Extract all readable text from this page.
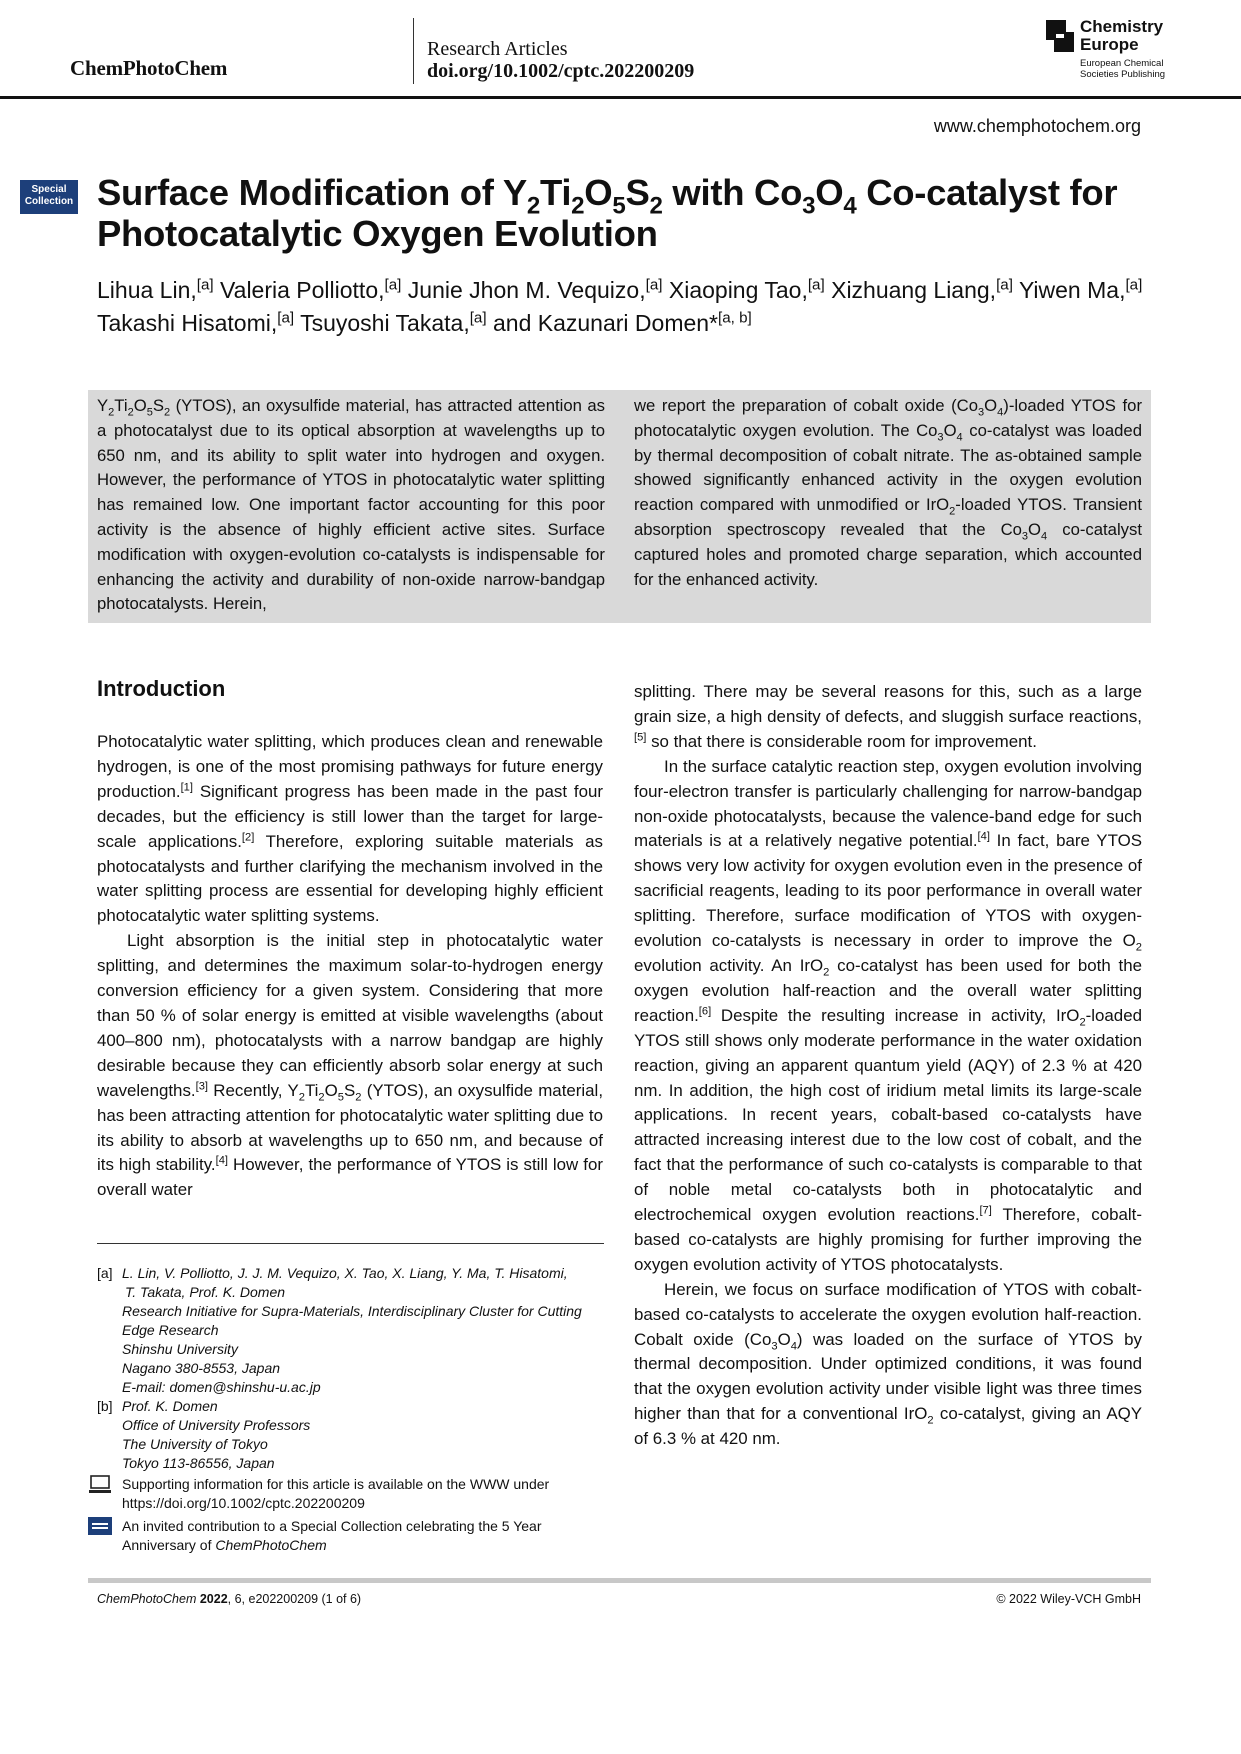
ChemPhotoChem
Research Articles
doi.org/10.1002/cptc.202200209
Chemistry
Europe
European Chemical
Societies Publishing
www.chemphotochem.org
Special
Collection Surface Modification of $Y_2Ti_2O_5S_2$ with $Co_3O_4$ Co-catalyst for Photocatalytic Oxygen Evolution
Lihua Lin,[a] Valeria Polliotto,[a] Junie Jhon M. Vequizo,[a] Xiaoping Tao,[a] Xizhuang Liang,[a] Yiwen Ma,[a] Takashi Hisatomi,[a] Tsuyoshi Takata,[a] and Kazunari Domen*[a, b]
$Y_2Ti_2O_5S_2$ (YTOS), an oxysulfide material, has attracted attention as a photocatalyst due to its optical absorption at wavelengths up to 650 nm, and its ability to split water into hydrogen and oxygen. However, the performance of YTOS in photocatalytic water splitting has remained low. One important factor accounting for this poor activity is the absence of highly efficient active sites. Surface modification with oxygen-evolution co-catalysts is indispensable for enhancing the activity and durability of non-oxide narrow-bandgap photocatalysts. Herein,
we report the preparation of cobalt oxide $(Co_3O_4)$-loaded YTOS for photocatalytic oxygen evolution. The $Co_3O_4$ co-catalyst was loaded by thermal decomposition of cobalt nitrate. The as-obtained sample showed significantly enhanced activity in the oxygen evolution reaction compared with unmodified or IrO$_2$-loaded YTOS. Transient absorption spectroscopy revealed that the $Co_3O_4$ co-catalyst captured holes and promoted charge separation, which accounted for the enhanced activity.
Introduction

Photocatalytic water splitting, which produces clean and renewable hydrogen, is one of the most promising pathways for future energy production.[1] Significant progress has been made in the past four decades, but the efficiency is still lower than the target for large-scale applications.[2] Therefore, exploring suitable materials as photocatalysts and further clarifying the mechanism involved in the water splitting process are essential for developing highly efficient photocatalytic water splitting systems.

Light absorption is the initial step in photocatalytic water splitting, and determines the maximum solar-to-hydrogen energy conversion efficiency for a given system. Considering that more than 50 % of solar energy is emitted at visible wavelengths (about 400–800 nm), photocatalysts with a narrow bandgap are highly desirable because they can efficiently absorb solar energy at such wavelengths.[3] Recently, $Y_2Ti_2O_5S_2$ (YTOS), an oxysulfide material, has been attracting attention for photocatalytic water splitting due to its ability to absorb at wavelengths up to 650 nm, and because of its high stability.[4] However, the performance of YTOS is still low for overall water

splitting. There may be several reasons for this, such as a large grain size, a high density of defects, and sluggish surface reactions,[5] so that there is considerable room for improvement.

In the surface catalytic reaction step, oxygen evolution involving four-electron transfer is particularly challenging for narrow-bandgap non-oxide photocatalysts, because the valence-band edge for such materials is at a relatively negative potential.[4] In fact, bare YTOS shows very low activity for oxygen evolution even in the presence of sacrificial reagents, leading to its poor performance in overall water splitting. Therefore, surface modification of YTOS with oxygen-evolution co-catalysts is necessary in order to improve the $O_2$ evolution activity. An IrO$_2$ co-catalyst has been used for both the oxygen evolution half-reaction and the overall water splitting reaction.[6] Despite the resulting increase in activity, IrO$_2$-loaded YTOS still shows only moderate performance in the water oxidation reaction, giving an apparent quantum yield (AQY) of 2.3 % at 420 nm. In addition, the high cost of iridium metal limits its large-scale applications. In recent years, cobalt-based co-catalysts have attracted increasing interest due to the low cost of cobalt, and the fact that the performance of such co-catalysts is comparable to that of noble metal co-catalysts both in photocatalytic and electrochemical oxygen evolution reactions.[7] Therefore, cobalt-based co-catalysts are highly promising for further improving the oxygen evolution activity of YTOS photocatalysts.

Herein, we focus on surface modification of YTOS with cobalt-based co-catalysts to accelerate the oxygen evolution half-reaction. Cobalt oxide $(Co_3O_4)$ was loaded on the surface of YTOS by thermal decomposition. Under optimized conditions, it was found that the oxygen evolution activity under visible light was three times higher than that for a conventional IrO$_2$ co-catalyst, giving an AQY of 6.3 % at 420 nm.

[a] L. Lin, V. Polliotto, J. J. M. Vequizo, X. Tao, X. Liang, Y. Ma, T. Hisatomi,
T. Takata, Prof. K. Domen
Research Initiative for Supra-Materials, Interdisciplinary Cluster for Cutting
Edge Research
Shinshu University
Nagano 380-8553, Japan
E-mail: domen@shinshu-u.ac.jp
[b] Prof. K. Domen
Office of University Professors
The University of Tokyo
Tokyo 113-86556, Japan
Supporting information for this article is available on the WWW under
https://doi.org/10.1002/cptc.202200209
An invited contribution to a Special Collection celebrating the 5 Year
Anniversary of ChemPhotoChem
ChemPhotoChem 2022, 6, e202200209 (1 of 6)	© 2022 Wiley-VCH GmbH
